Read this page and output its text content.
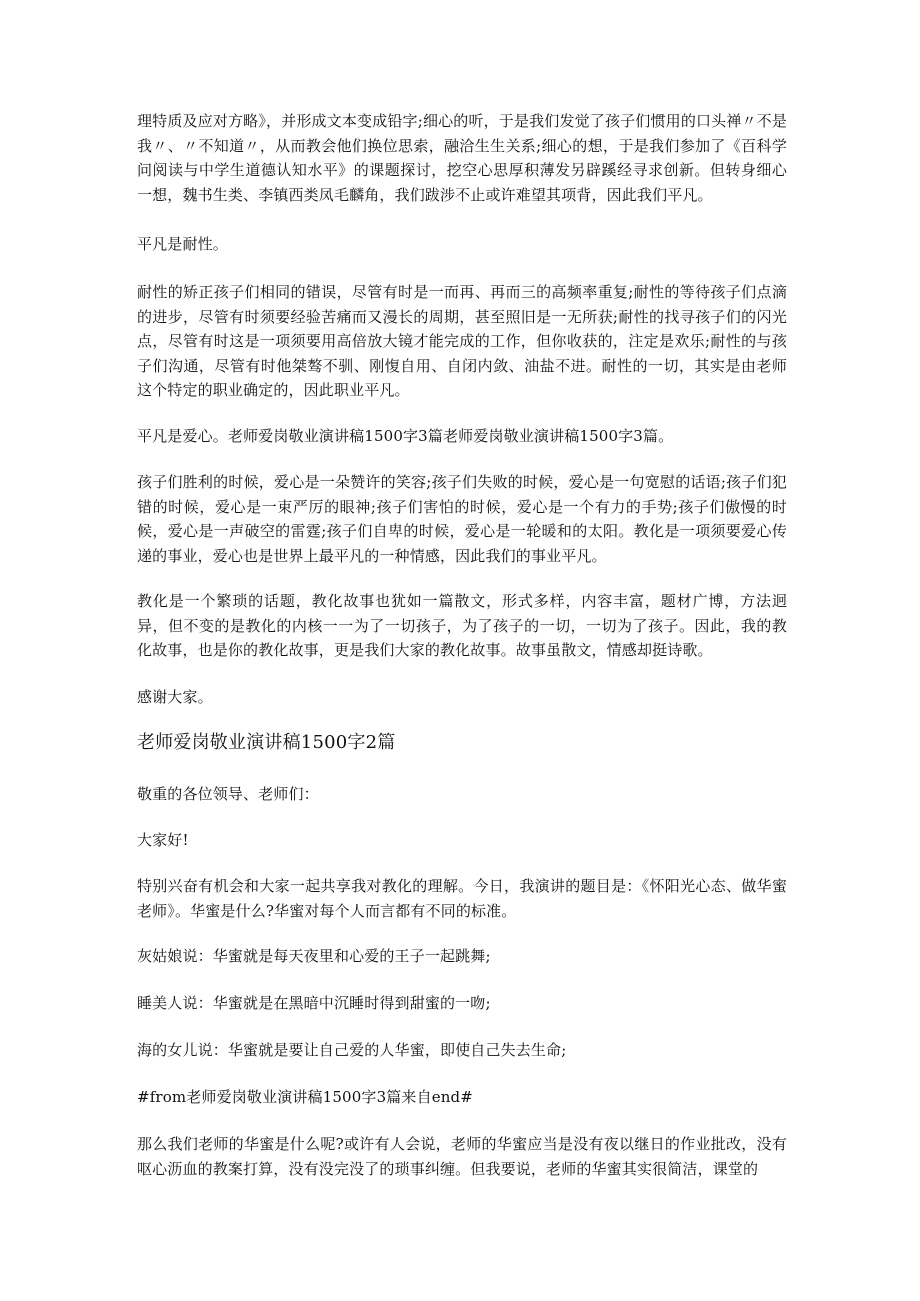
理特质及应对方略》，并形成文本变成铅字;细心的听，于是我们发觉了孩子们惯用的口头禅〃不是我〃、〃不知道〃，从而教会他们换位思索，融洽生生关系;细心的想，于是我们参加了《百科学问阅读与中学生道德认知水平》的课题探讨，挖空心思厚积薄发另辟蹊经寻求创新。但转身细心一想，魏书生类、李镇西类凤毛麟角，我们跋涉不止或许难望其项背，因此我们平凡。

平凡是耐性。

耐性的矫正孩子们相同的错误，尽管有时是一而再、再而三的高频率重复;耐性的等待孩子们点滴的进步，尽管有时须要经验苦痛而又漫长的周期，甚至照旧是一无所获;耐性的找寻孩子们的闪光点，尽管有时这是一项须要用高倍放大镜才能完成的工作，但你收获的，注定是欢乐;耐性的与孩子们沟通，尽管有时他桀骜不驯、刚愎自用、自闭内敛、油盐不进。耐性的一切，其实是由老师这个特定的职业确定的，因此职业平凡。

平凡是爱心。老师爱岗敬业演讲稿1500字3篇老师爱岗敬业演讲稿1500字3篇。

孩子们胜利的时候，爱心是一朵赞许的笑容;孩子们失败的时候，爱心是一句宽慰的话语;孩子们犯错的时候，爱心是一束严厉的眼神;孩子们害怕的时候，爱心是一个有力的手势;孩子们傲慢的时候，爱心是一声破空的雷霆;孩子们自卑的时候，爱心是一轮暖和的太阳。教化是一项须要爱心传递的事业，爱心也是世界上最平凡的一种情感，因此我们的事业平凡。

教化是一个繁琐的话题，教化故事也犹如一篇散文，形式多样，内容丰富，题材广博，方法迥异，但不变的是教化的内核一一为了一切孩子，为了孩子的一切，一切为了孩子。因此，我的教化故事，也是你的教化故事，更是我们大家的教化故事。故事虽散文，情感却挺诗歌。

感谢大家。

老师爱岗敬业演讲稿1500字2篇

敬重的各位领导、老师们：

大家好!

特别兴奋有机会和大家一起共享我对教化的理解。今日，我演讲的题目是：《怀阳光心态、做华蜜老师》。华蜜是什么?华蜜对每个人而言都有不同的标准。

灰姑娘说：华蜜就是每天夜里和心爱的王子一起跳舞;

睡美人说：华蜜就是在黑暗中沉睡时得到甜蜜的一吻;

海的女儿说：华蜜就是要让自己爱的人华蜜，即使自己失去生命;

#from老师爱岗敬业演讲稿1500字3篇来自end#

那么我们老师的华蜜是什么呢?或许有人会说，老师的华蜜应当是没有夜以继日的作业批改，没有呕心沥血的教案打算，没有没完没了的琐事纠缠。但我要说，老师的华蜜其实很简洁，课堂的
